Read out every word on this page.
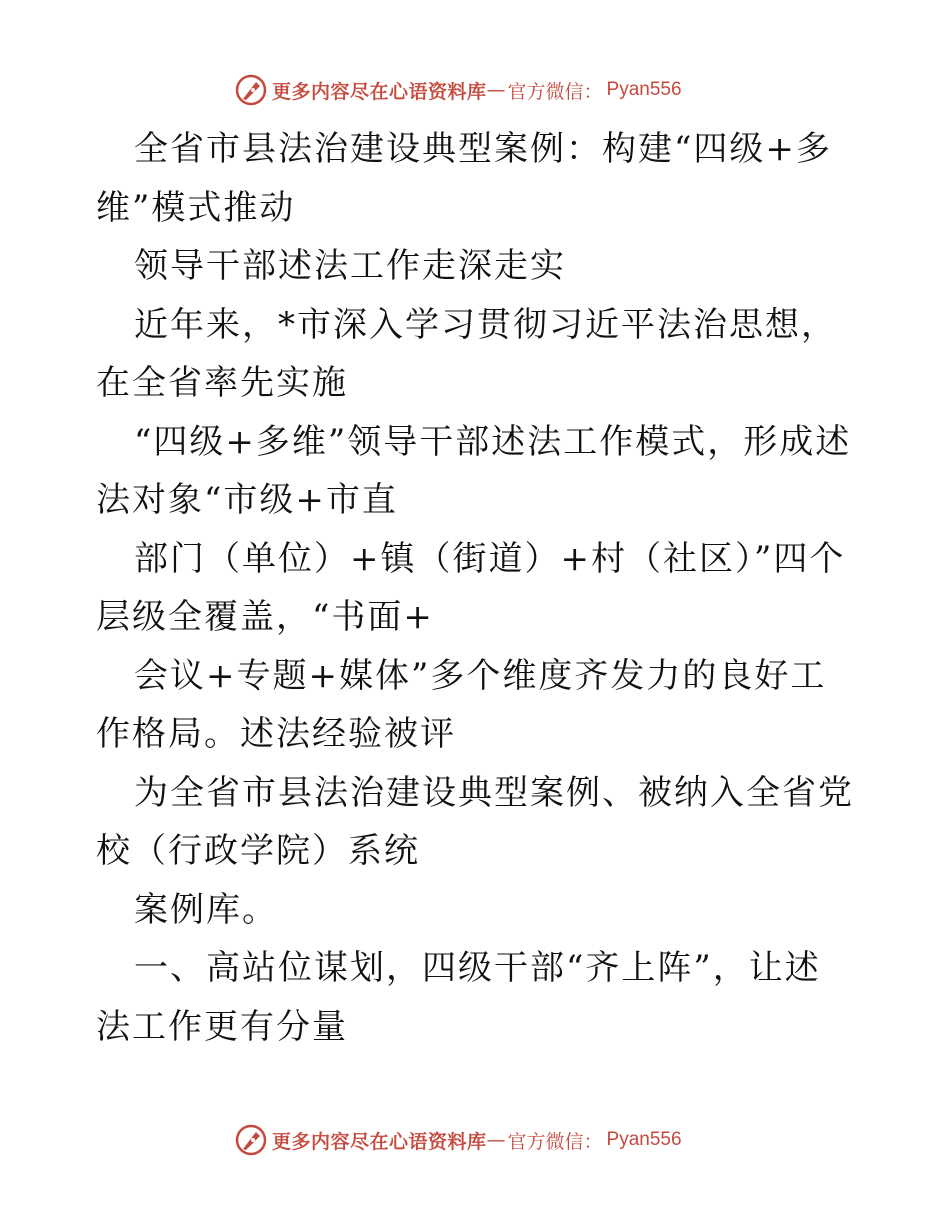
更多内容尽在心语资料库 — 官方微信： Pyan556

全省市县法治建设典型案例：构建“四级+多维”模式推动

领导干部述法工作走深走实

近年来，*市深入学习贯彻习近平法治思想，在全省率先实施

“四级+多维”领导干部述法工作模式，形成述法对象“市级+市直

部门（单位）+镇（街道）+村（社区）”四个层级全覆盖，“书面+

会议+专题+媒体”多个维度齐发力的良好工作格局。述法经验被评

为全省市县法治建设典型案例、被纳入全省党校（行政学院）系统

案例库。

一、高站位谋划，四级干部“齐上阵”，让述法工作更有分量

更多内容尽在心语资料库 — 官方微信： Pyan556
